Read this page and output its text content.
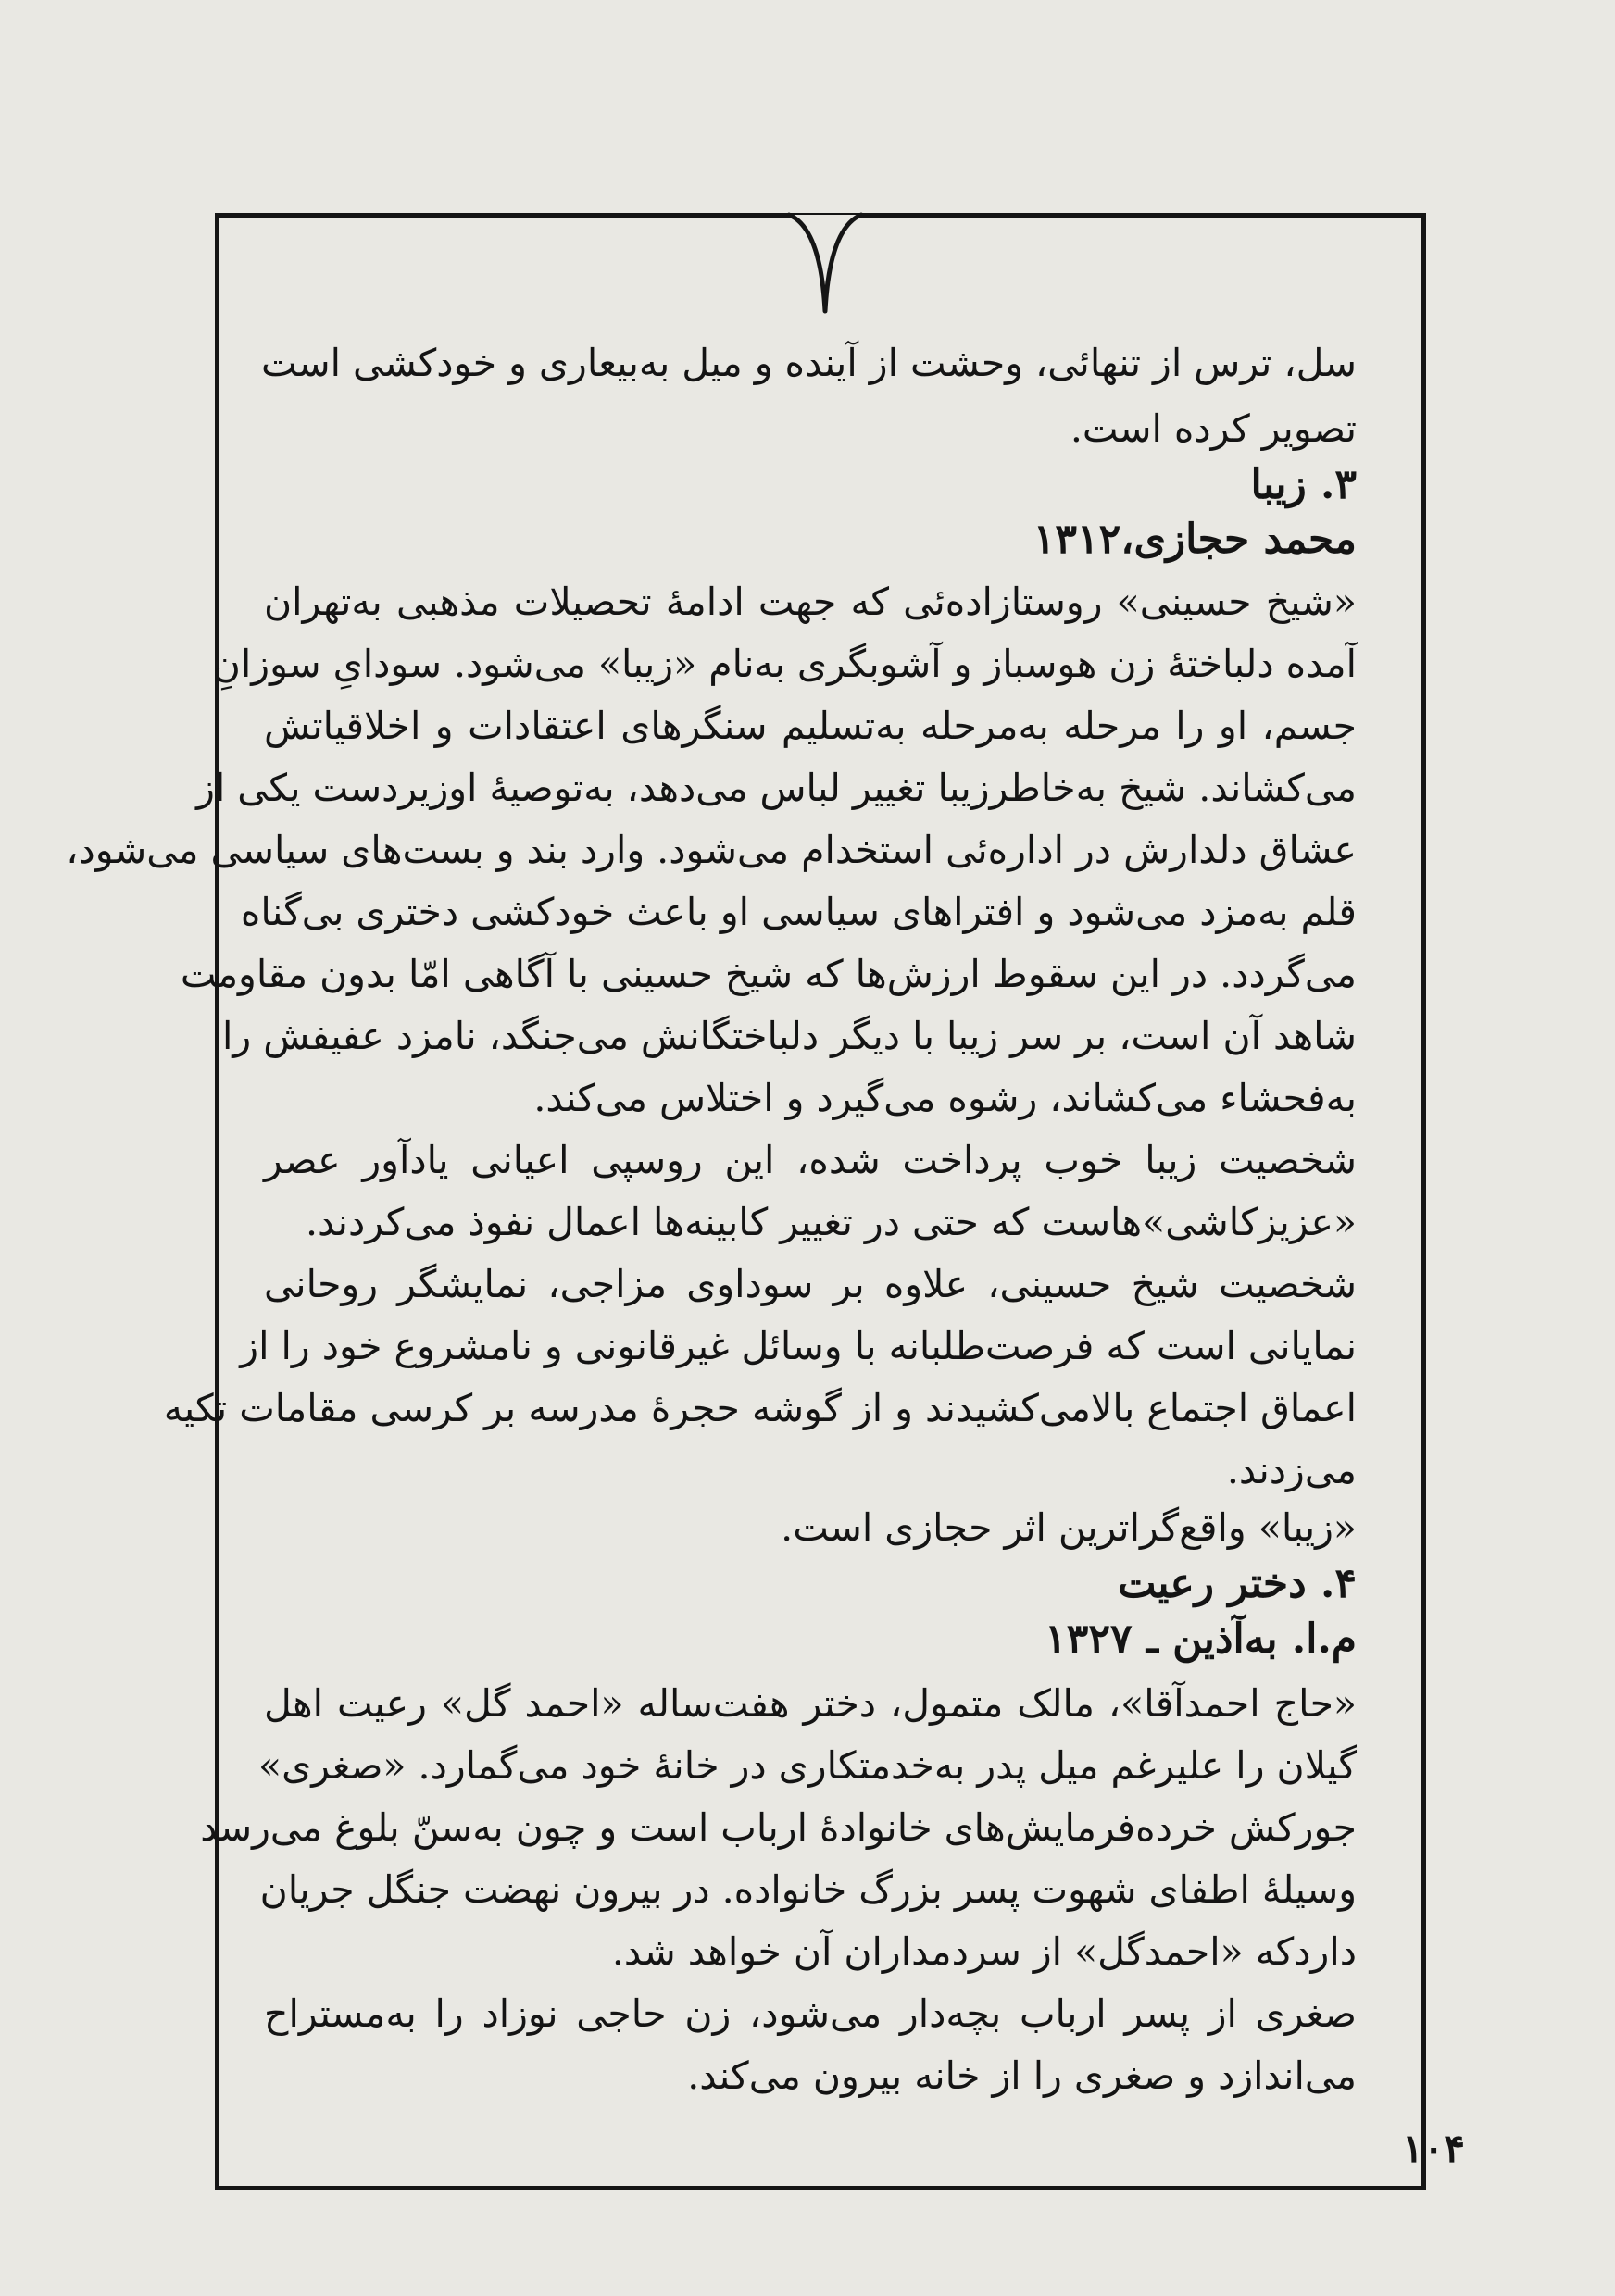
سل، ترس از تنهائی، وحشت از آینده و میل به‌بیعاری و خودکشی است
تصویر کرده است.
۳. زیبا
محمد حجازی،۱۳۱۲
«شیخ حسینی» روستازاده‌ئی که جهت ادامهٔ تحصیلات مذهبی به‌تهران
آمده دلباختهٔ زن هوسباز و آشوبگری به‌نام «زیبا» می‌شود. سودایِ سوزانِ
جسم، او را مرحله به‌مرحله به‌تسلیم سنگرهای اعتقادات و اخلاقیاتش
می‌کشاند. شیخ به‌خاطرزیبا تغییر لباس می‌دهد، به‌توصیهٔ اوزیردست یکی از
عشاق دلدارش در اداره‌ئی استخدام می‌شود. وارد بند و بست‌های سیاسی می‌شود،
قلم به‌مزد می‌شود و افتراهای سیاسی او باعث خودکشی دختری بی‌گناه
می‌گردد. در این سقوط ارزش‌ها که شیخ حسینی با آگاهی امّا بدون مقاومت
شاهد آن است، بر سر زیبا با دیگر دلباختگانش می‌جنگد، نامزد عفیفش را
به‌فحشاء می‌کشاند، رشوه می‌گیرد و اختلاس می‌کند.
شخصیت زیبا خوب پرداخت شده، این روسپی اعیانی یادآور عصر
«عزیزکاشی»هاست که حتی در تغییر کابینه‌ها اعمال نفوذ می‌کردند.
شخصیت شیخ حسینی، علاوه بر سوداوی مزاجی، نمایشگر روحانی
نمایانی است که فرصت‌طلبانه با وسائل غیرقانونی و نامشروع خود را از
اعماق اجتماع بالامی‌کشیدند و از گوشه حجرهٔ مدرسه بر کرسی مقامات تکیه
می‌زدند.
«زیبا» واقع‌گراترین اثر حجازی است.
۴. دختر رعیت
م.ا. به‌آذین ـ ۱۳۲۷
«حاج احمدآقا»، مالک متمول، دختر هفت‌ساله «احمد گل» رعیت اهل
گیلان را علیرغم میل پدر به‌خدمتکاری در خانهٔ خود می‌گمارد. «صغری»
جورکش خرده‌فرمایش‌های خانوادهٔ ارباب است و چون به‌سنّ بلوغ می‌رسد
وسیلهٔ اطفای شهوت پسر بزرگ خانواده. در بیرون نهضت جنگل جریان
داردکه «احمدگل» از سردمداران آن خواهد شد.
صغری از پسر ارباب بچه‌دار می‌شود، زن حاجی نوزاد را به‌مستراح
می‌اندازد و صغری را از خانه بیرون می‌کند.
۱۰۴
